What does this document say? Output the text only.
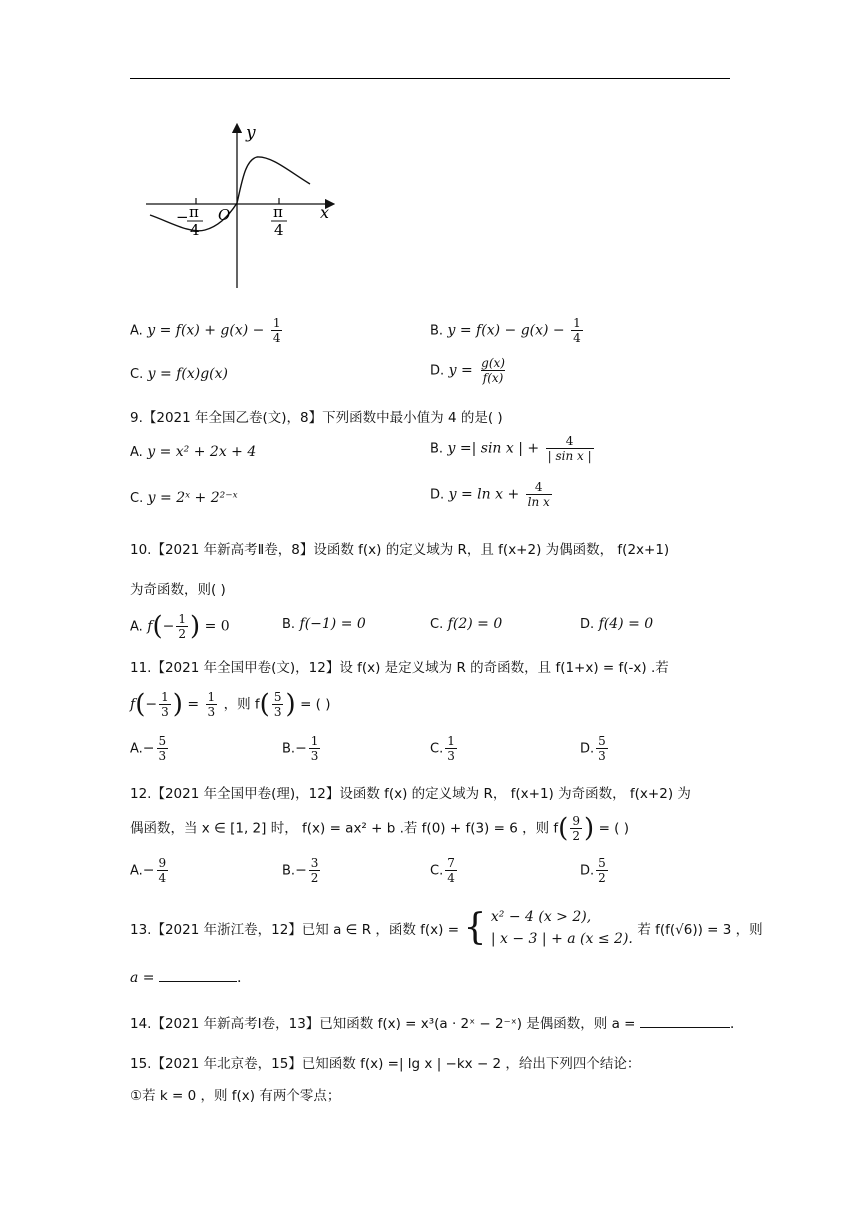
y
x
O
− π
4
π
4
A. $y = f(x) + g(x) - \frac{1}{4}$	B. $y = f(x) - g(x) - \frac{1}{4}$
C. y = f(x)g(x)	D. $y = \frac{g(x)}{f(x)}$
9.【2021 年全国乙卷(文)，8】下列函数中最小值为 4 的是( )
A. y = x² + 2x + 4	B. y =| sin x | + $\frac{4}{\text{| sin x |}}$
C. y = 2ˣ + 2²⁻ˣ	D. $y = \ln x + \frac{4}{\text{ln x}}$
10.【2021 年新高考Ⅱ卷，8】设函数 f(x) 的定义域为 R，且 f(x+2) 为偶函数， f(2x+1)
为奇函数，则( )
A. $f(- \frac{1}{2}$ ) = 0	B. f(−1) = 0	C. f(2) = 0	D. f(4) = 0
11.【2021 年全国甲卷(文)，12】设 f(x) 是定义域为 R 的奇函数，且 f(1+x) = f(-x) .若
$f(- \frac{1}{3}$ ) = $\frac{1}{3}$ ，则 $f( \frac{5}{3}$ ) = ( )
$A.- \frac{5}{3}$	$B.- \frac{1}{3}$	C. $\frac{1}{3}$	D. $\frac{5}{3}$
12.【2021 年全国甲卷(理)，12】设函数 f(x) 的定义域为 R， f(x+1) 为奇函数， f(x+2) 为
偶函数，当 x ∈ [1, 2] 时， f(x) = ax² + b .若 f(0) + f(3) = 6 ，则 $f( \frac{9}{2}$ ) = ( )
$A.- \frac{9}{4}$	$B.- \frac{3}{2}$	C. $\frac{7}{4}$	D. $\frac{5}{2}$
13.【2021 年浙江卷，12】已知 a ∈ R ，函数 f(x) = { x² − 4 (x > 2),
| x − 3 | + a (x ≤ 2).
若 f(f(√6)) = 3 ，则
a =	.
14.【2021 年新高考Ⅰ卷，13】已知函数 f(x) = x³(a · 2ˣ − 2⁻ˣ) 是偶函数，则 a =	.
15.【2021 年北京卷，15】已知函数 f(x) =| lg x | −kx − 2 ，给出下列四个结论：
①若 k = 0 ，则 f(x) 有两个零点；
